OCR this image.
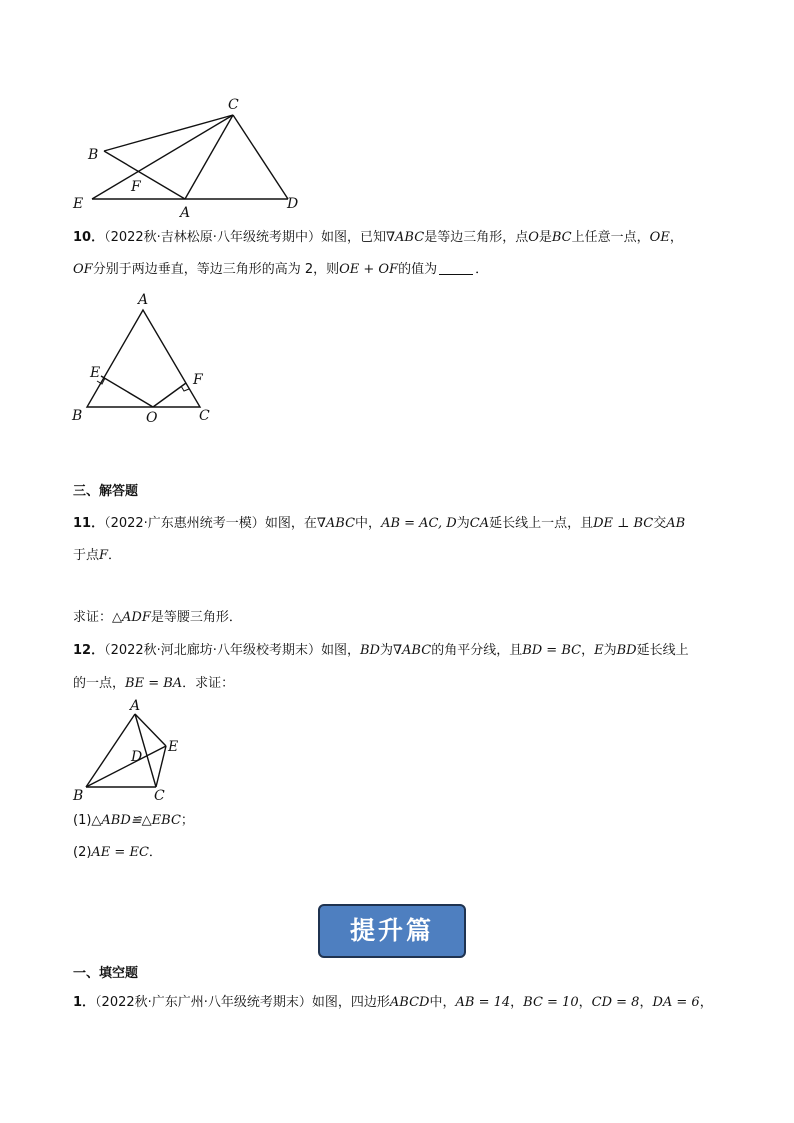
C
B
F
E
A
D
10．（2022秋·吉林松原·八年级统考期中）如图，已知∇ABC是等边三角形，点O是BC上任意一点，OE，
OF分别于两边垂直，等边三角形的高为 2，则OE + OF的值为	．
A
E	F
B	O	C
三、解答题
11．（2022·广东惠州统考一模）如图，在∇ABC中，AB = AC, D为CA延长线上一点，且DE ⊥ BC交AB
于点F．
求证：△ADF是等腰三角形．
12．（2022秋·河北廊坊·八年级校考期末）如图，BD为∇ABC的角平分线，且BD = BC，E为BD延长线上
的一点，BE = BA．求证：
A
E
D
B	C
(1)△ABD≌△EBC；
(2)AE = EC．
提升篇
一、填空题
1．（2022秋·广东广州·八年级统考期末）如图，四边形ABCD中，AB = 14，BC = 10，CD = 8，DA = 6，
